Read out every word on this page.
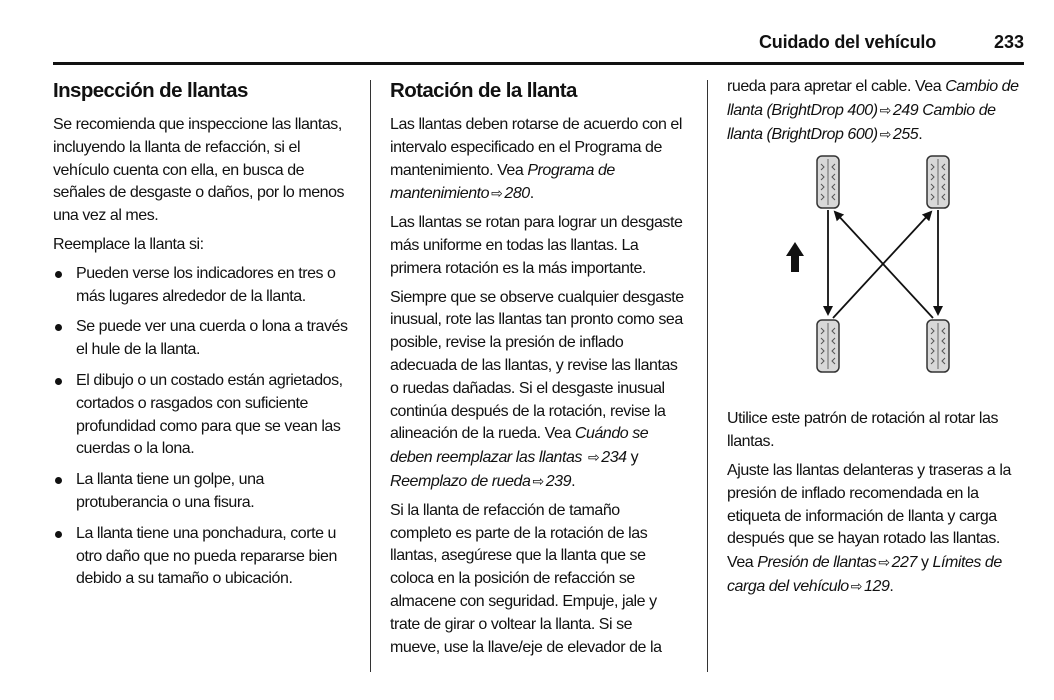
Cuidado del vehículo	233
Inspección de llantas

Se recomienda que inspeccione las llantas, incluyendo la llanta de refacción, si el vehículo cuenta con ella, en busca de señales de desgaste o daños, por lo menos una vez al mes.

Reemplace la llanta si:

Pueden verse los indicadores en tres o más lugares alrededor de la llanta.
Se puede ver una cuerda o lona a través el hule de la llanta.
El dibujo o un costado están agrietados, cortados o rasgados con suficiente profundidad como para que se vean las cuerdas o la lona.
La llanta tiene un golpe, una protuberancia o una fisura.
La llanta tiene una ponchadura, corte u otro daño que no pueda repararse bien debido a su tamaño o ubicación.
Rotación de la llanta

Las llantas deben rotarse de acuerdo con el intervalo especificado en el Programa de mantenimiento. Vea Programa de mantenimiento ⇨ 280.

Las llantas se rotan para lograr un desgaste más uniforme en todas las llantas. La primera rotación es la más importante.

Siempre que se observe cualquier desgaste inusual, rote las llantas tan pronto como sea posible, revise la presión de inflado adecuada de las llantas, y revise las llantas o ruedas dañadas. Si el desgaste inusual continúa después de la rotación, revise la alineación de la rueda. Vea Cuándo se deben reemplazar las llantas ⇨ 234 y Reemplazo de rueda ⇨ 239.

Si la llanta de refacción de tamaño completo es parte de la rotación de las llantas, asegúrese que la llanta que se coloca en la posición de refacción se almacene con seguridad. Empuje, jale y trate de girar o voltear la llanta. Si se mueve, use la llave/eje de elevador de la

rueda para apretar el cable. Vea Cambio de llanta (BrightDrop 400) ⇨ 249 Cambio de llanta (BrightDrop 600) ⇨ 255.

Utilice este patrón de rotación al rotar las llantas.

Ajuste las llantas delanteras y traseras a la presión de inflado recomendada en la etiqueta de información de llanta y carga después que se hayan rotado las llantas. Vea Presión de llantas ⇨ 227 y Límites de carga del vehículo ⇨ 129.
